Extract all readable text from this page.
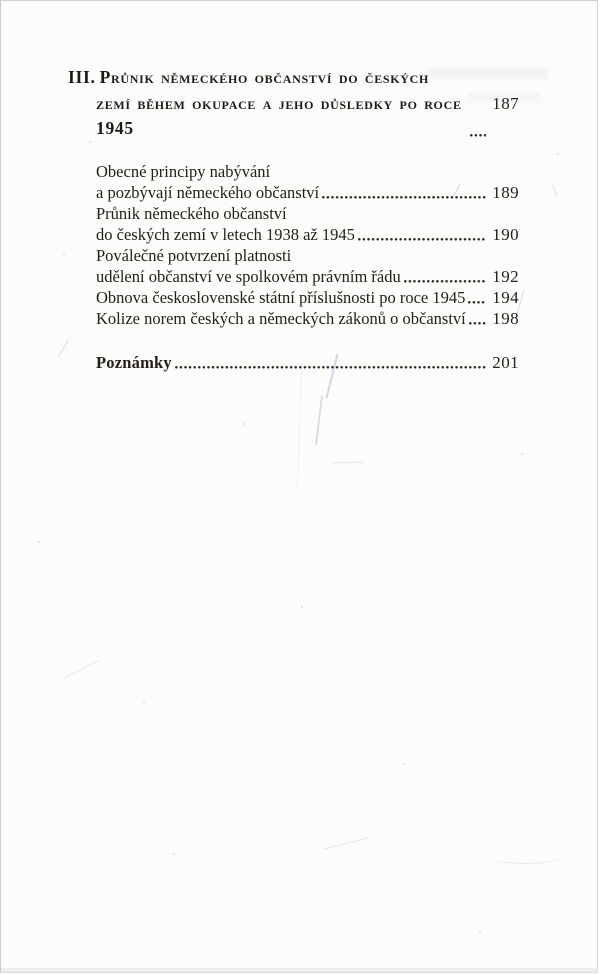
III. Průnik německého občanství do českých
zemí během okupace a jeho důsledky po roce 1945
187
Obecné principy nabývání
a pozbývají německého občanství	189
Průnik německého občanství
do českých zemí v letech 1938 až 1945	190
Poválečné potvrzení platnosti
udělení občanství ve spolkovém právním řádu	192
Obnova československé státní příslušnosti po roce 1945 194
Kolize norem českých a německých zákonů o občanství 198
Poznámky	201
